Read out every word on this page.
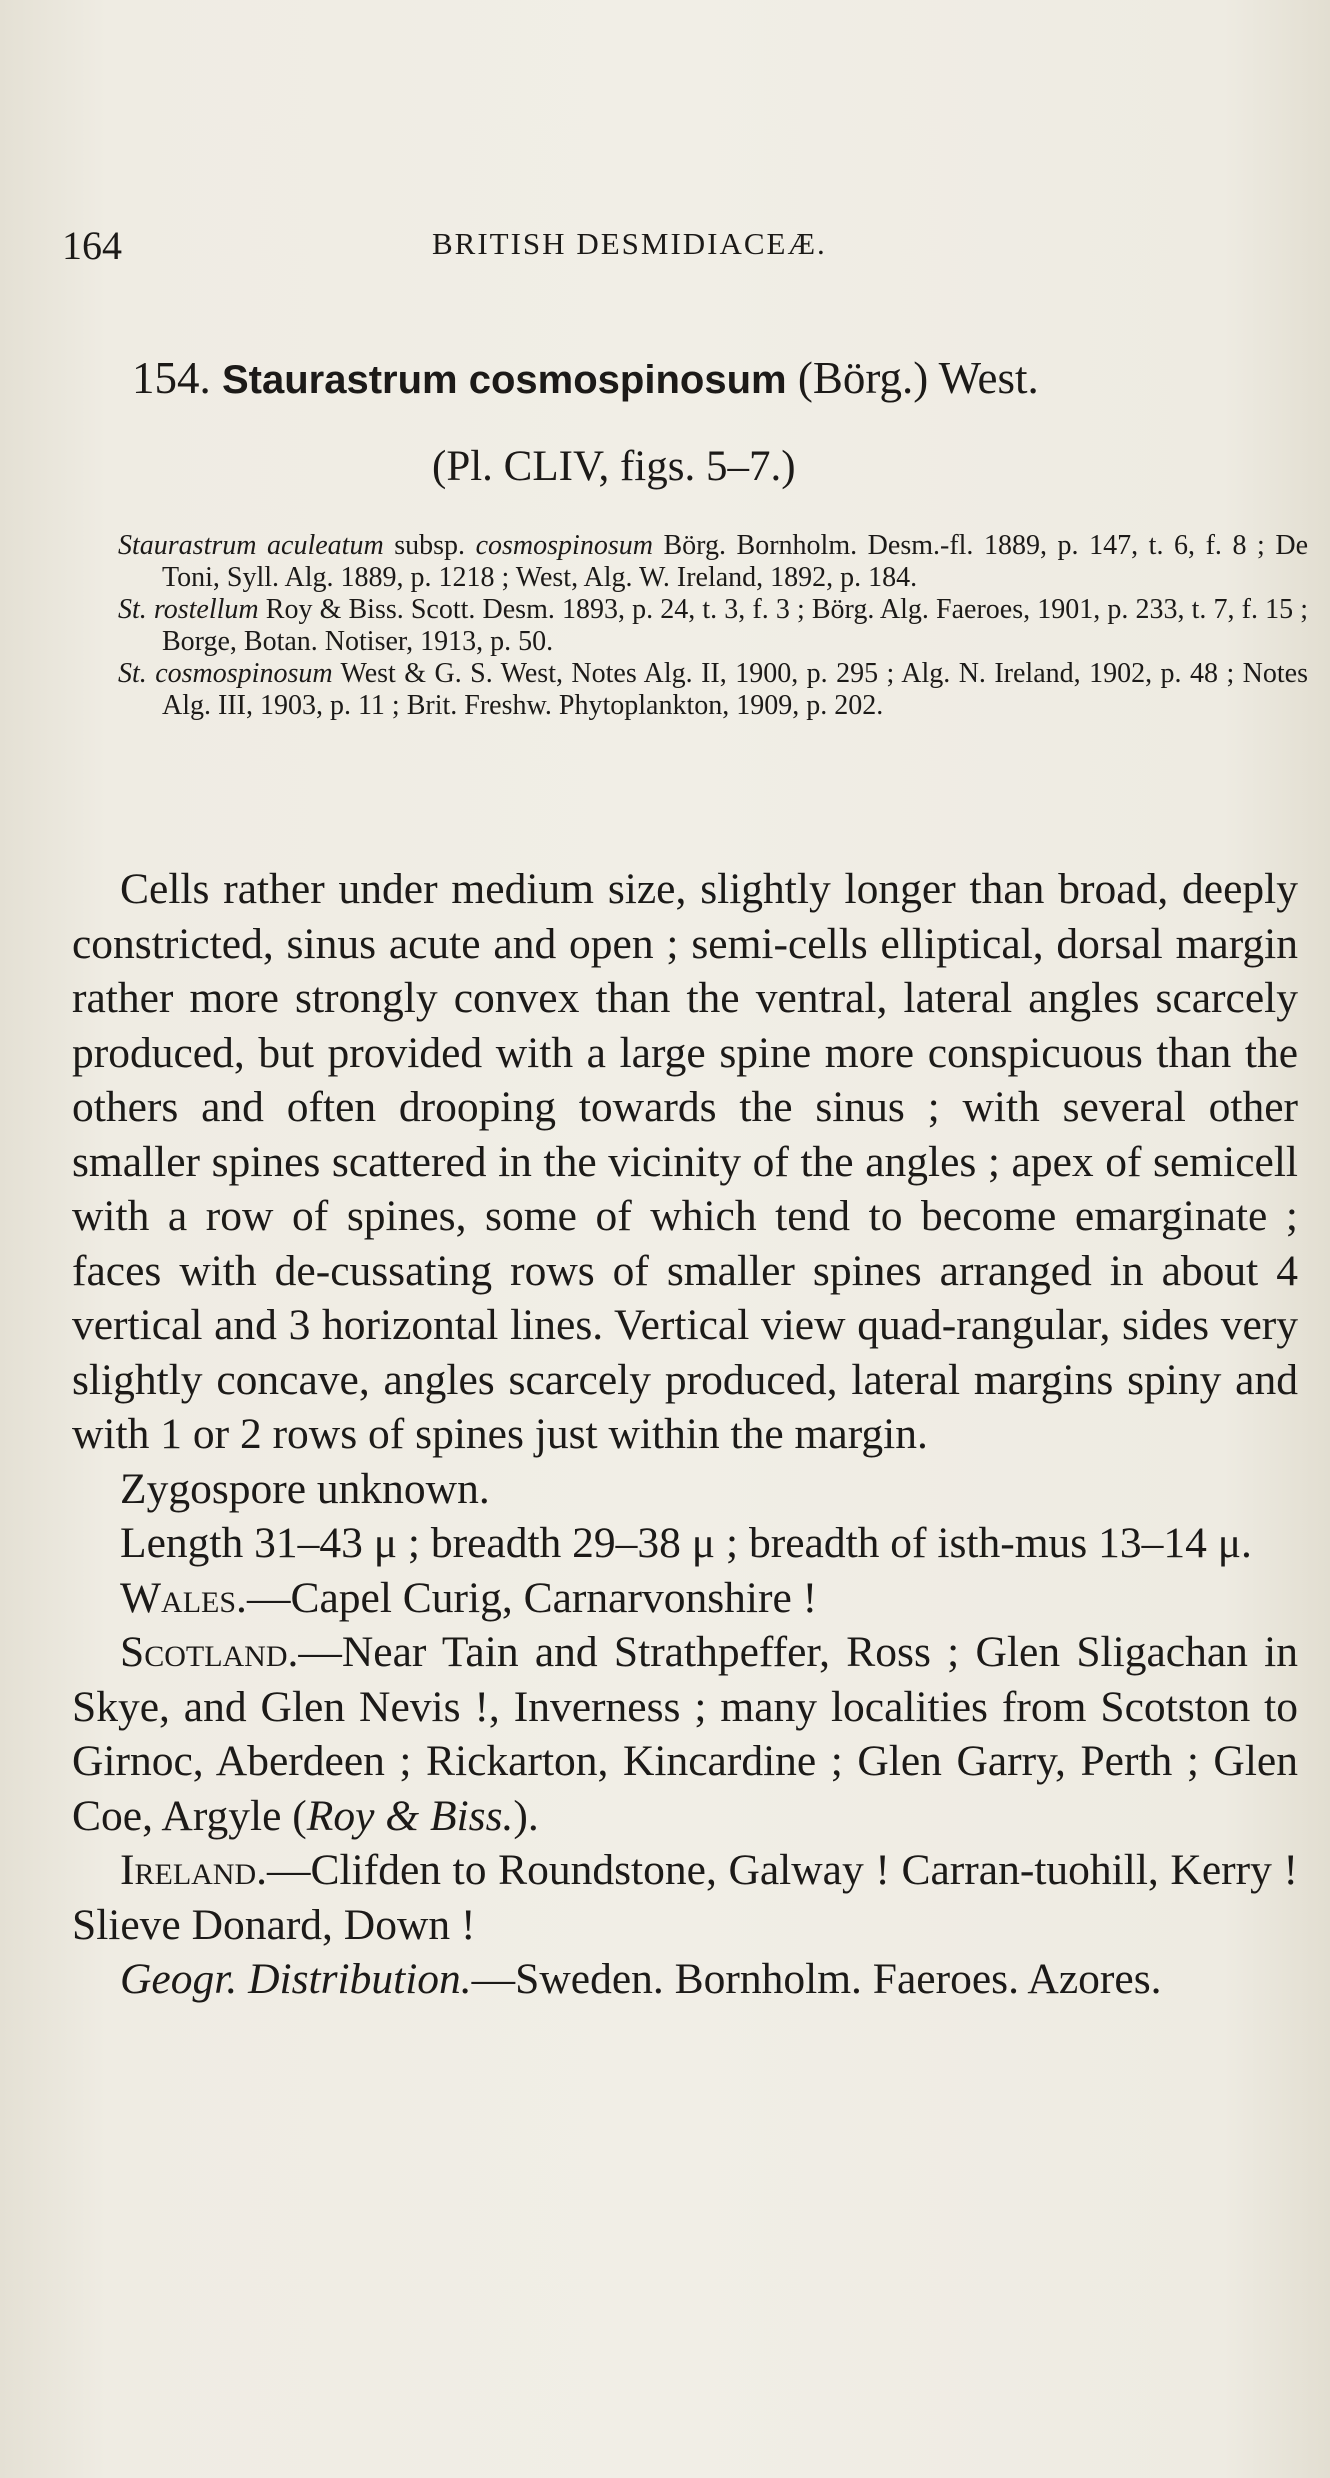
164	BRITISH DESMIDIACEÆ.
154. Staurastrum cosmospinosum (Börg.) West.
(Pl. CLIV, figs. 5–7.)
Staurastrum aculeatum subsp. cosmospinosum Börg. Bornholm. Desm.-fl. 1889, p. 147, t. 6, f. 8 ; De Toni, Syll. Alg. 1889, p. 1218 ; West, Alg. W. Ireland, 1892, p. 184.
St. rostellum Roy & Biss. Scott. Desm. 1893, p. 24, t. 3, f. 3 ; Börg. Alg. Faeroes, 1901, p. 233, t. 7, f. 15 ; Borge, Botan. Notiser, 1913, p. 50.
St. cosmospinosum West & G. S. West, Notes Alg. II, 1900, p. 295 ; Alg. N. Ireland, 1902, p. 48 ; Notes Alg. III, 1903, p. 11 ; Brit. Freshw. Phytoplankton, 1909, p. 202.

Cells rather under medium size, slightly longer than broad, deeply constricted, sinus acute and open ; semi-cells elliptical, dorsal margin rather more strongly convex than the ventral, lateral angles scarcely produced, but provided with a large spine more conspicuous than the others and often drooping towards the sinus ; with several other smaller spines scattered in the vicinity of the angles ; apex of semicell with a row of spines, some of which tend to become emarginate ; faces with de-cussating rows of smaller spines arranged in about 4 vertical and 3 horizontal lines. Vertical view quad-rangular, sides very slightly concave, angles scarcely produced, lateral margins spiny and with 1 or 2 rows of spines just within the margin.

Zygospore unknown.

Length 31–43 μ ; breadth 29–38 μ ; breadth of isth-mus 13–14 μ.

Wales.—Capel Curig, Carnarvonshire !

Scotland.—Near Tain and Strathpeffer, Ross ; Glen Sligachan in Skye, and Glen Nevis !, Inverness ; many localities from Scotston to Girnoc, Aberdeen ; Rickarton, Kincardine ; Glen Garry, Perth ; Glen Coe, Argyle (Roy & Biss.).

Ireland.—Clifden to Roundstone, Galway ! Carran-tuohill, Kerry ! Slieve Donard, Down !

Geogr. Distribution.—Sweden. Bornholm. Faeroes. Azores.
